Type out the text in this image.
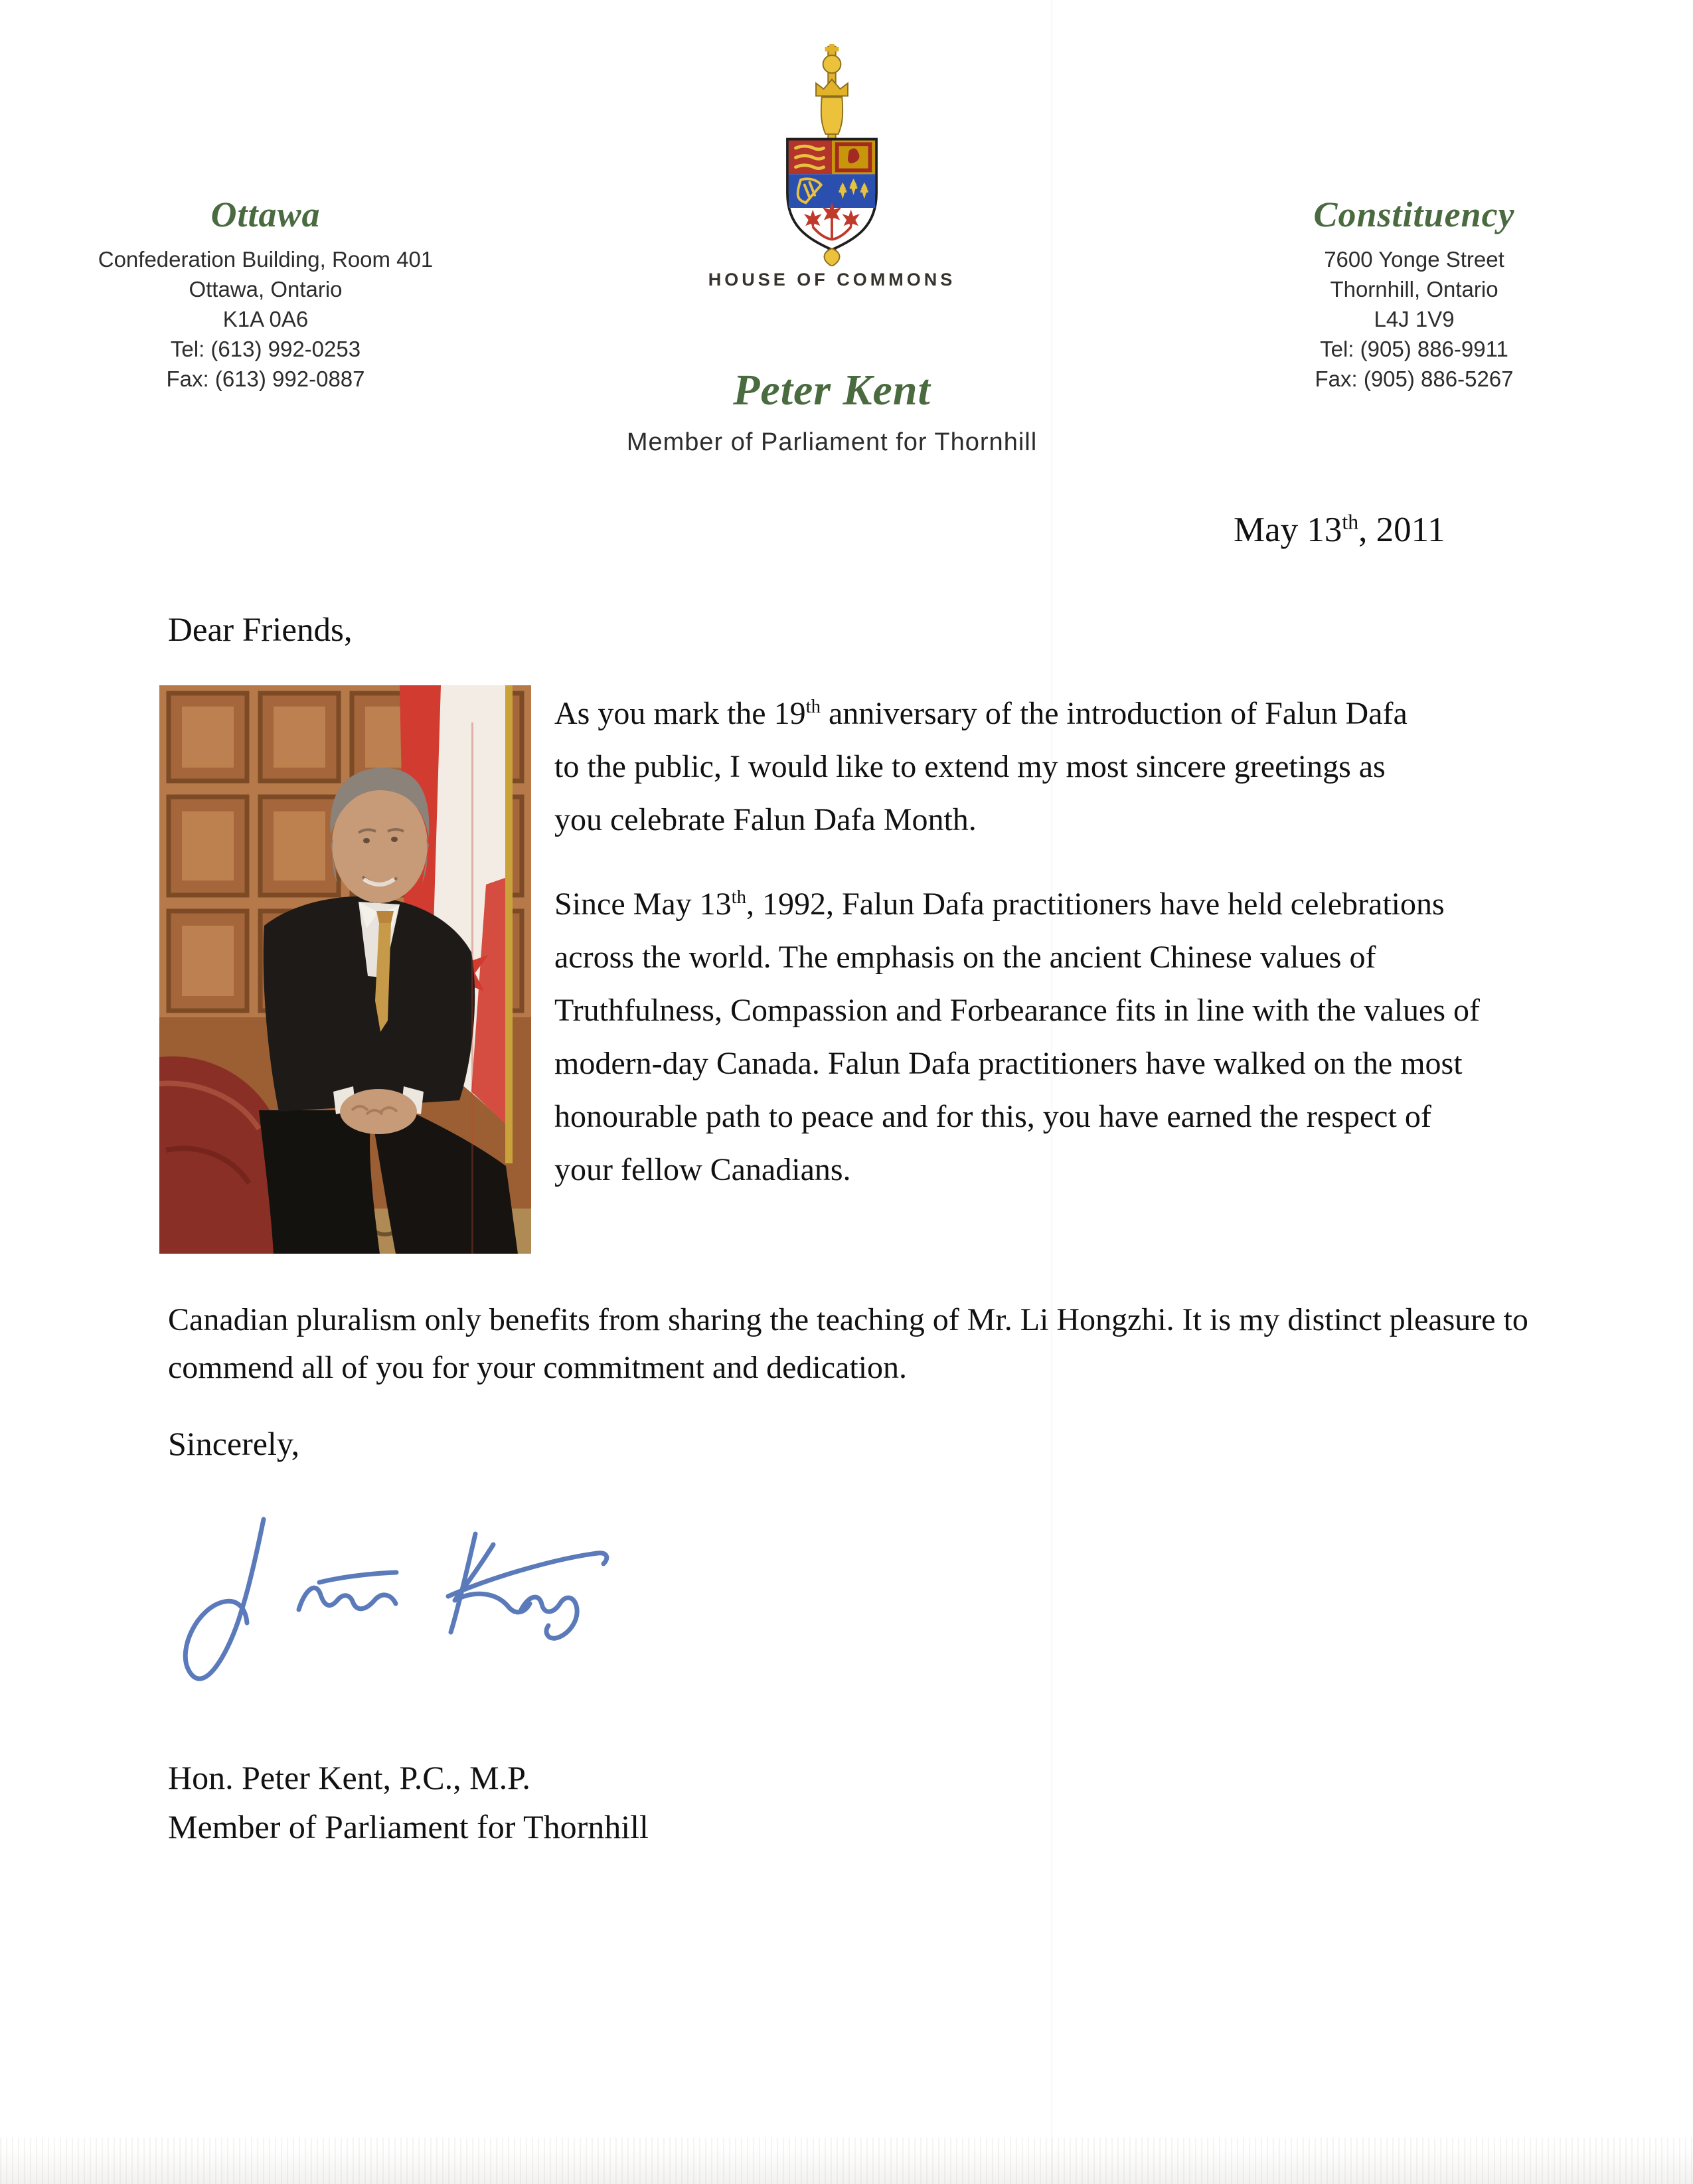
Ottawa
Confederation Building, Room 401
Ottawa, Ontario
K1A 0A6
Tel: (613) 992-0253
Fax: (613) 992-0887
Constituency
7600 Yonge Street
Thornhill, Ontario
L4J 1V9
Tel: (905) 886-9911
Fax: (905) 886-5267
HOUSE OF COMMONS
Peter Kent
Member of Parliament for Thornhill
May 13th, 2011
Dear Friends,
As you mark the 19th anniversary of the introduction of Falun Dafa to the public, I would like to extend my most sincere greetings as you celebrate Falun Dafa Month.
Since May 13th, 1992, Falun Dafa practitioners have held celebrations across the world. The emphasis on the ancient Chinese values of Truthfulness, Compassion and Forbearance fits in line with the values of modern-day Canada. Falun Dafa practitioners have walked on the most honourable path to peace and for this, you have earned the respect of your fellow Canadians.
Canadian pluralism only benefits from sharing the teaching of Mr. Li Hongzhi. It is my distinct pleasure to commend all of you for your commitment and dedication.
Sincerely,
Hon. Peter Kent, P.C., M.P.
Member of Parliament for Thornhill
